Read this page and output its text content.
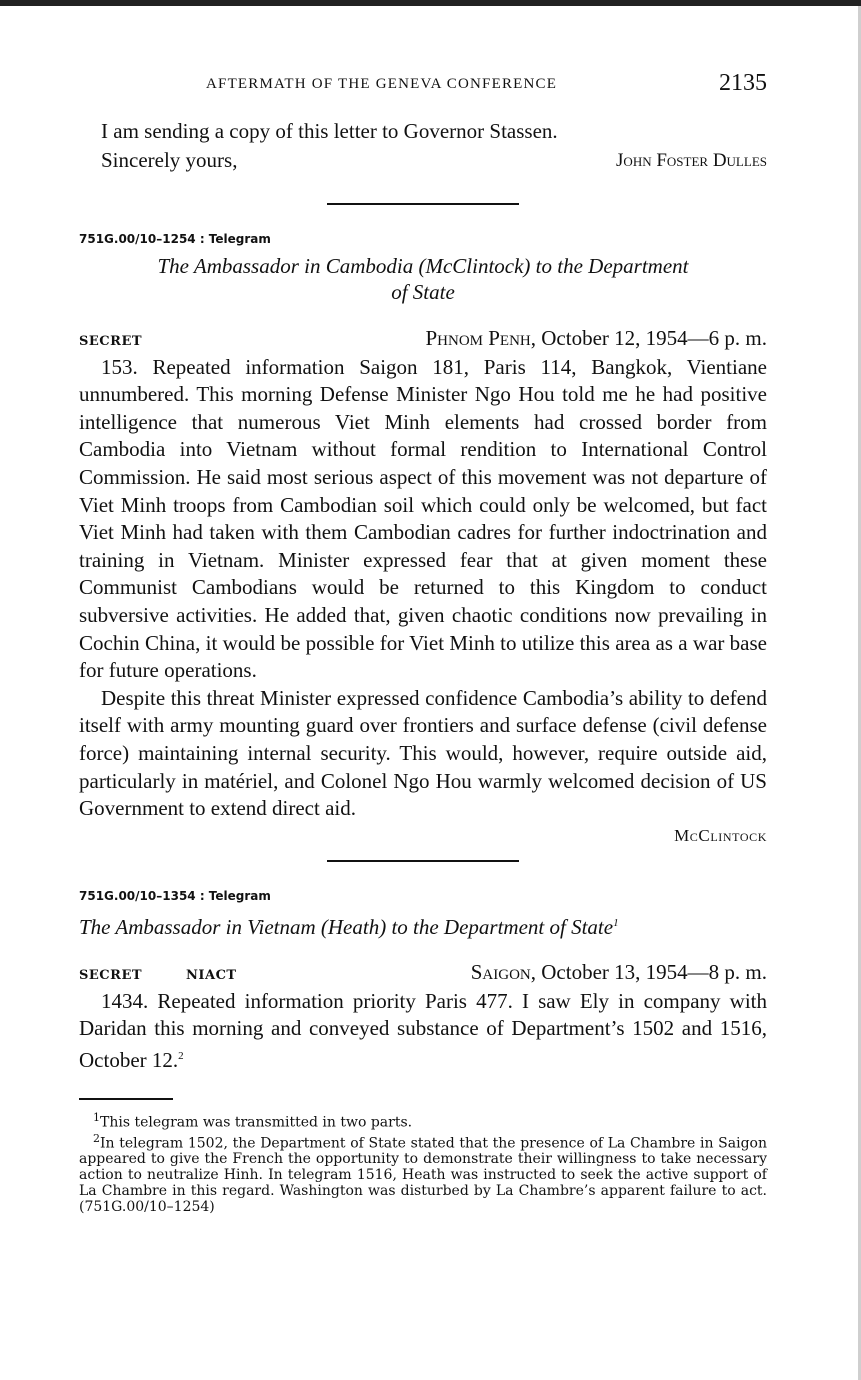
AFTERMATH OF THE GENEVA CONFERENCE	2135

I am sending a copy of this letter to Governor Stassen.

Sincerely yours,	John Foster Dulles
751G.00/10–1254 : Telegram
The Ambassador in Cambodia (McClintock) to the Department
of State
SECRET	Phnom Penh, October 12, 1954—6 p. m.

153. Repeated information Saigon 181, Paris 114, Bangkok, Vientiane unnumbered. This morning Defense Minister Ngo Hou told me he had positive intelligence that numerous Viet Minh elements had crossed border from Cambodia into Vietnam without formal rendition to International Control Commission. He said most serious aspect of this movement was not departure of Viet Minh troops from Cambodian soil which could only be welcomed, but fact Viet Minh had taken with them Cambodian cadres for further indoctrination and training in Vietnam. Minister expressed fear that at given moment these Communist Cambodians would be returned to this Kingdom to conduct subversive activities. He added that, given chaotic conditions now prevailing in Cochin China, it would be possible for Viet Minh to utilize this area as a war base for future operations.

Despite this threat Minister expressed confidence Cambodia’s ability to defend itself with army mounting guard over frontiers and surface defense (civil defense force) maintaining internal security. This would, however, require outside aid, particularly in matériel, and Colonel Ngo Hou warmly welcomed decision of US Government to extend direct aid.

McClintock
751G.00/10–1354 : Telegram
The Ambassador in Vietnam (Heath) to the Department of State$^1$
SECRET	NIACT	Saigon, October 13, 1954—8 p. m.

1434. Repeated information priority Paris 477. I saw Ely in company with Daridan this morning and conveyed substance of Department’s 1502 and 1516, October 12.$^2$

$^1$This telegram was transmitted in two parts.

$^2$In telegram 1502, the Department of State stated that the presence of La Chambre in Saigon appeared to give the French the opportunity to demonstrate their willingness to take necessary action to neutralize Hinh. In telegram 1516, Heath was instructed to seek the active support of La Chambre in this regard. Washington was disturbed by La Chambre’s apparent failure to act. (751G.00/10–1254)
